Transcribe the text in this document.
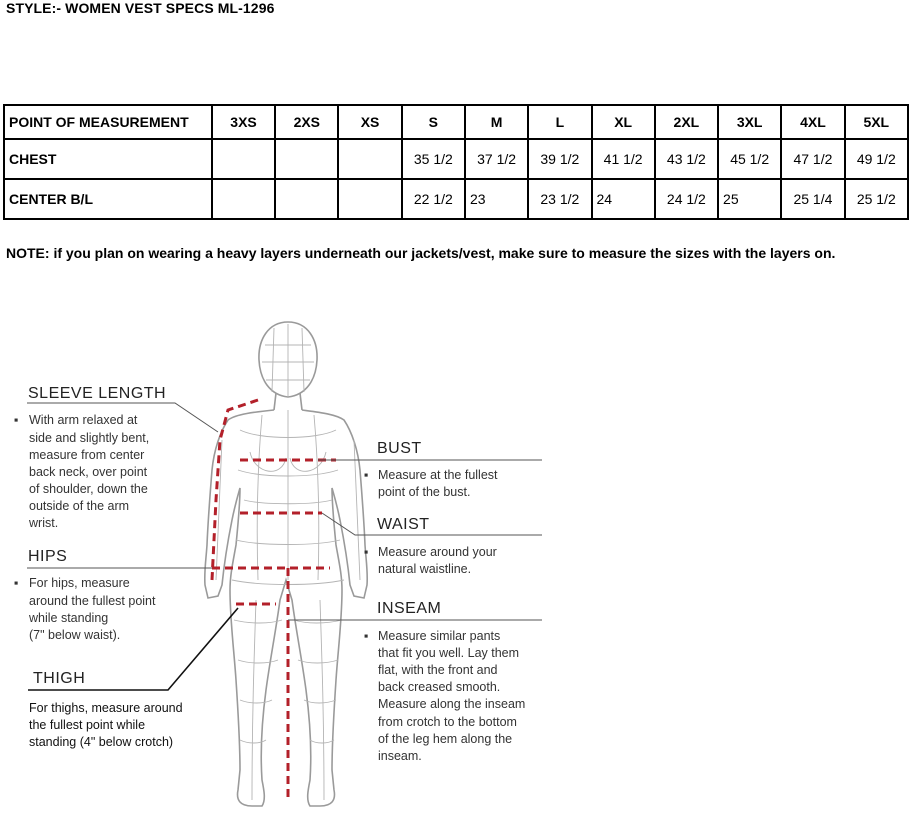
STYLE:- WOMEN VEST SPECS ML-1296
POINT OF MEASUREMENT	3XS	2XS	XS	S	M	L	XL	2XL	3XL	4XL	5XL
CHEST				35 1/2	37 1/2	39 1/2	41 1/2	43 1/2	45 1/2	47 1/2	49 1/2
CENTER B/L				22 1/2	23	23 1/2	24	24 1/2	25	25 1/4	25 1/2
NOTE: if you plan on wearing a heavy layers underneath our jackets/vest, make sure to measure the sizes with the layers on.
SLEEVE LENGTH
▪ With arm relaxed at
side and slightly bent,
measure from center
back neck, over point
of shoulder, down the
outside of the arm
wrist.
HIPS
▪ For hips, measure
around the fullest point
while standing
(7" below waist).
THIGH
For thighs, measure around
the fullest point while
standing (4" below crotch)
BUST
▪ Measure at the fullest
point of the bust.
WAIST
▪ Measure around your
natural waistline.
INSEAM
▪ Measure similar pants
that fit you well. Lay them
flat, with the front and
back creased smooth.
Measure along the inseam
from crotch to the bottom
of the leg hem along the
inseam.
